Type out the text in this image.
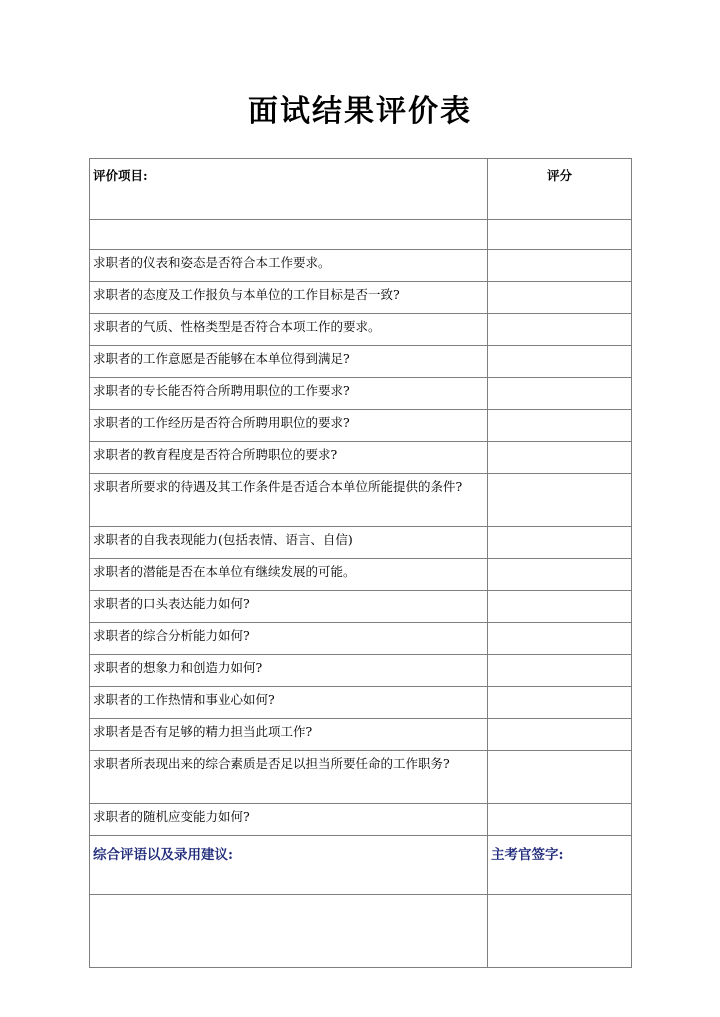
面试结果评价表
评价项目:	评分

求职者的仪表和姿态是否符合本工作要求。	
求职者的态度及工作报负与本单位的工作目标是否一致?	
求职者的气质、性格类型是否符合本项工作的要求。	
求职者的工作意愿是否能够在本单位得到满足?	
求职者的专长能否符合所聘用职位的工作要求?	
求职者的工作经历是否符合所聘用职位的要求?	
求职者的教育程度是否符合所聘职位的要求?	
求职者所要求的待遇及其工作条件是否适合本单位所能提供的条件?	
求职者的自我表现能力(包括表情、语言、自信)	
求职者的潜能是否在本单位有继续发展的可能。	
求职者的口头表达能力如何?	
求职者的综合分析能力如何?	
求职者的想象力和创造力如何?	
求职者的工作热情和事业心如何?	
求职者是否有足够的精力担当此项工作?	
求职者所表现出来的综合素质是否足以担当所要任命的工作职务?	
求职者的随机应变能力如何?	
综合评语以及录用建议:	主考官签字:
